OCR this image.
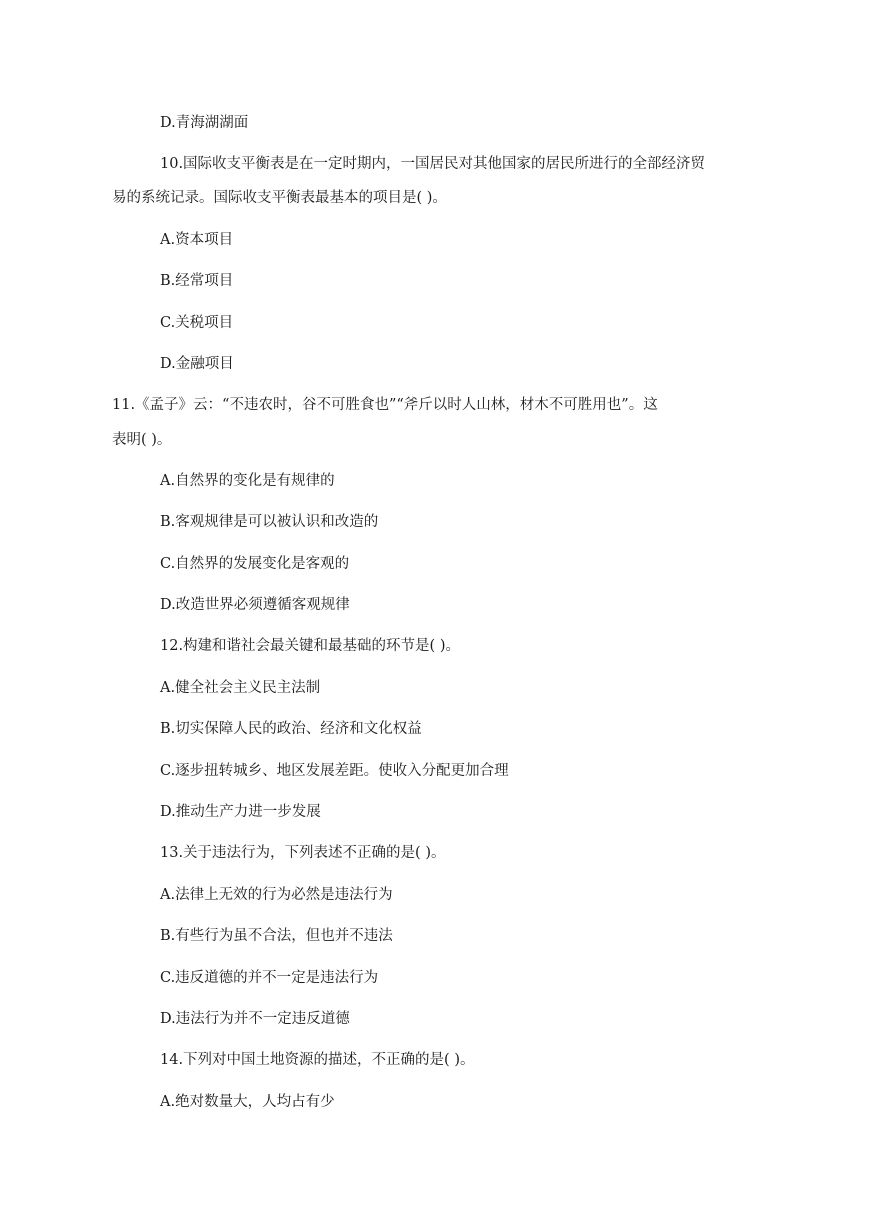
D.青海湖湖面
10.国际收支平衡表是在一定时期内，一国居民对其他国家的居民所进行的全部经济贸
易的系统记录。国际收支平衡表最基本的项目是( )。
A.资本项目
B.经常项目
C.关税项目
D.金融项目
11.《孟子》云：“不违农时，谷不可胜食也”“斧斤以时人山林，材木不可胜用也”。这
表明( )。
A.自然界的变化是有规律的
B.客观规律是可以被认识和改造的
C.自然界的发展变化是客观的
D.改造世界必须遵循客观规律
12.构建和谐社会最关键和最基础的环节是( )。
A.健全社会主义民主法制
B.切实保障人民的政治、经济和文化权益
C.逐步扭转城乡、地区发展差距。使收入分配更加合理
D.推动生产力进一步发展
13.关于违法行为，下列表述不正确的是( )。
A.法律上无效的行为必然是违法行为
B.有些行为虽不合法，但也并不违法
C.违反道德的并不一定是违法行为
D.违法行为并不一定违反道德
14.下列对中国土地资源的描述，不正确的是( )。
A.绝对数量大，人均占有少
